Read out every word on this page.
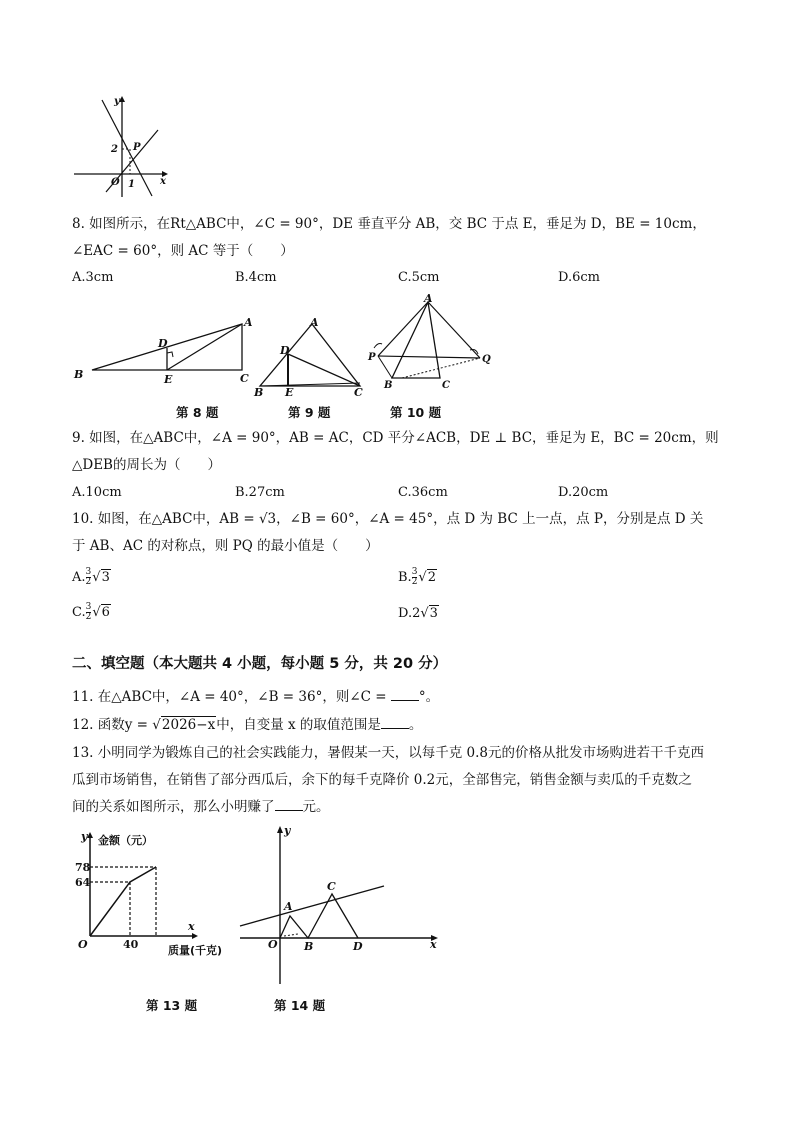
y
2 P
O 1	x
8. 如图所示，在Rt△ABC中，∠C = 90°，DE 垂直平分 AB，交 BC 于点 E，垂足为 D，BE = 10cm，
∠EAC = 60°，则 AC 等于（　　）
A.3cm	B.4cm	C.5cm	D.6cm
A
B	C
D
E
A
B	C
D
E
A
B	C
P	Q
第 8 题	第 9 题	第 10 题
9. 如图，在△ABC中，∠A = 90°，AB = AC，CD 平分∠ACB，DE ⊥ BC，垂足为 E，BC = 20cm，则
△DEB的周长为（　　）
A.10cm	B.27cm	C.36cm	D.20cm
10. 如图，在△ABC中，AB = √3，∠B = 60°，∠A = 45°，点 D 为 BC 上一点，点 P，分别是点 D 关
于 AB、AC 的对称点，则 PQ 的最小值是（　　）
A. $\frac{3}{2} √3$	B. $\frac{3}{2} √2$
C. $\frac{3}{2} √6$	D.2√3
二、填空题（本大题共 4 小题，每小题 5 分，共 20 分）
11. 在△ABC中，∠A = 40°，∠B = 36°，则∠C = °。
12. 函数y = √2026−x中，自变量 x 的取值范围是 。
13. 小明同学为锻炼自己的社会实践能力，暑假某一天，以每千克 0.8元的价格从批发市场购进若干千克西
瓜到市场销售，在销售了部分西瓜后，余下的每千克降价 0.2元，全部售完，销售金额与卖瓜的千克数之
间的关系如图所示，那么小明赚了 元。
y 金额（元）
78
64
O	40
x
质量(千克)
y
A
C
O B	D	x
第 13 题	第 14 题
